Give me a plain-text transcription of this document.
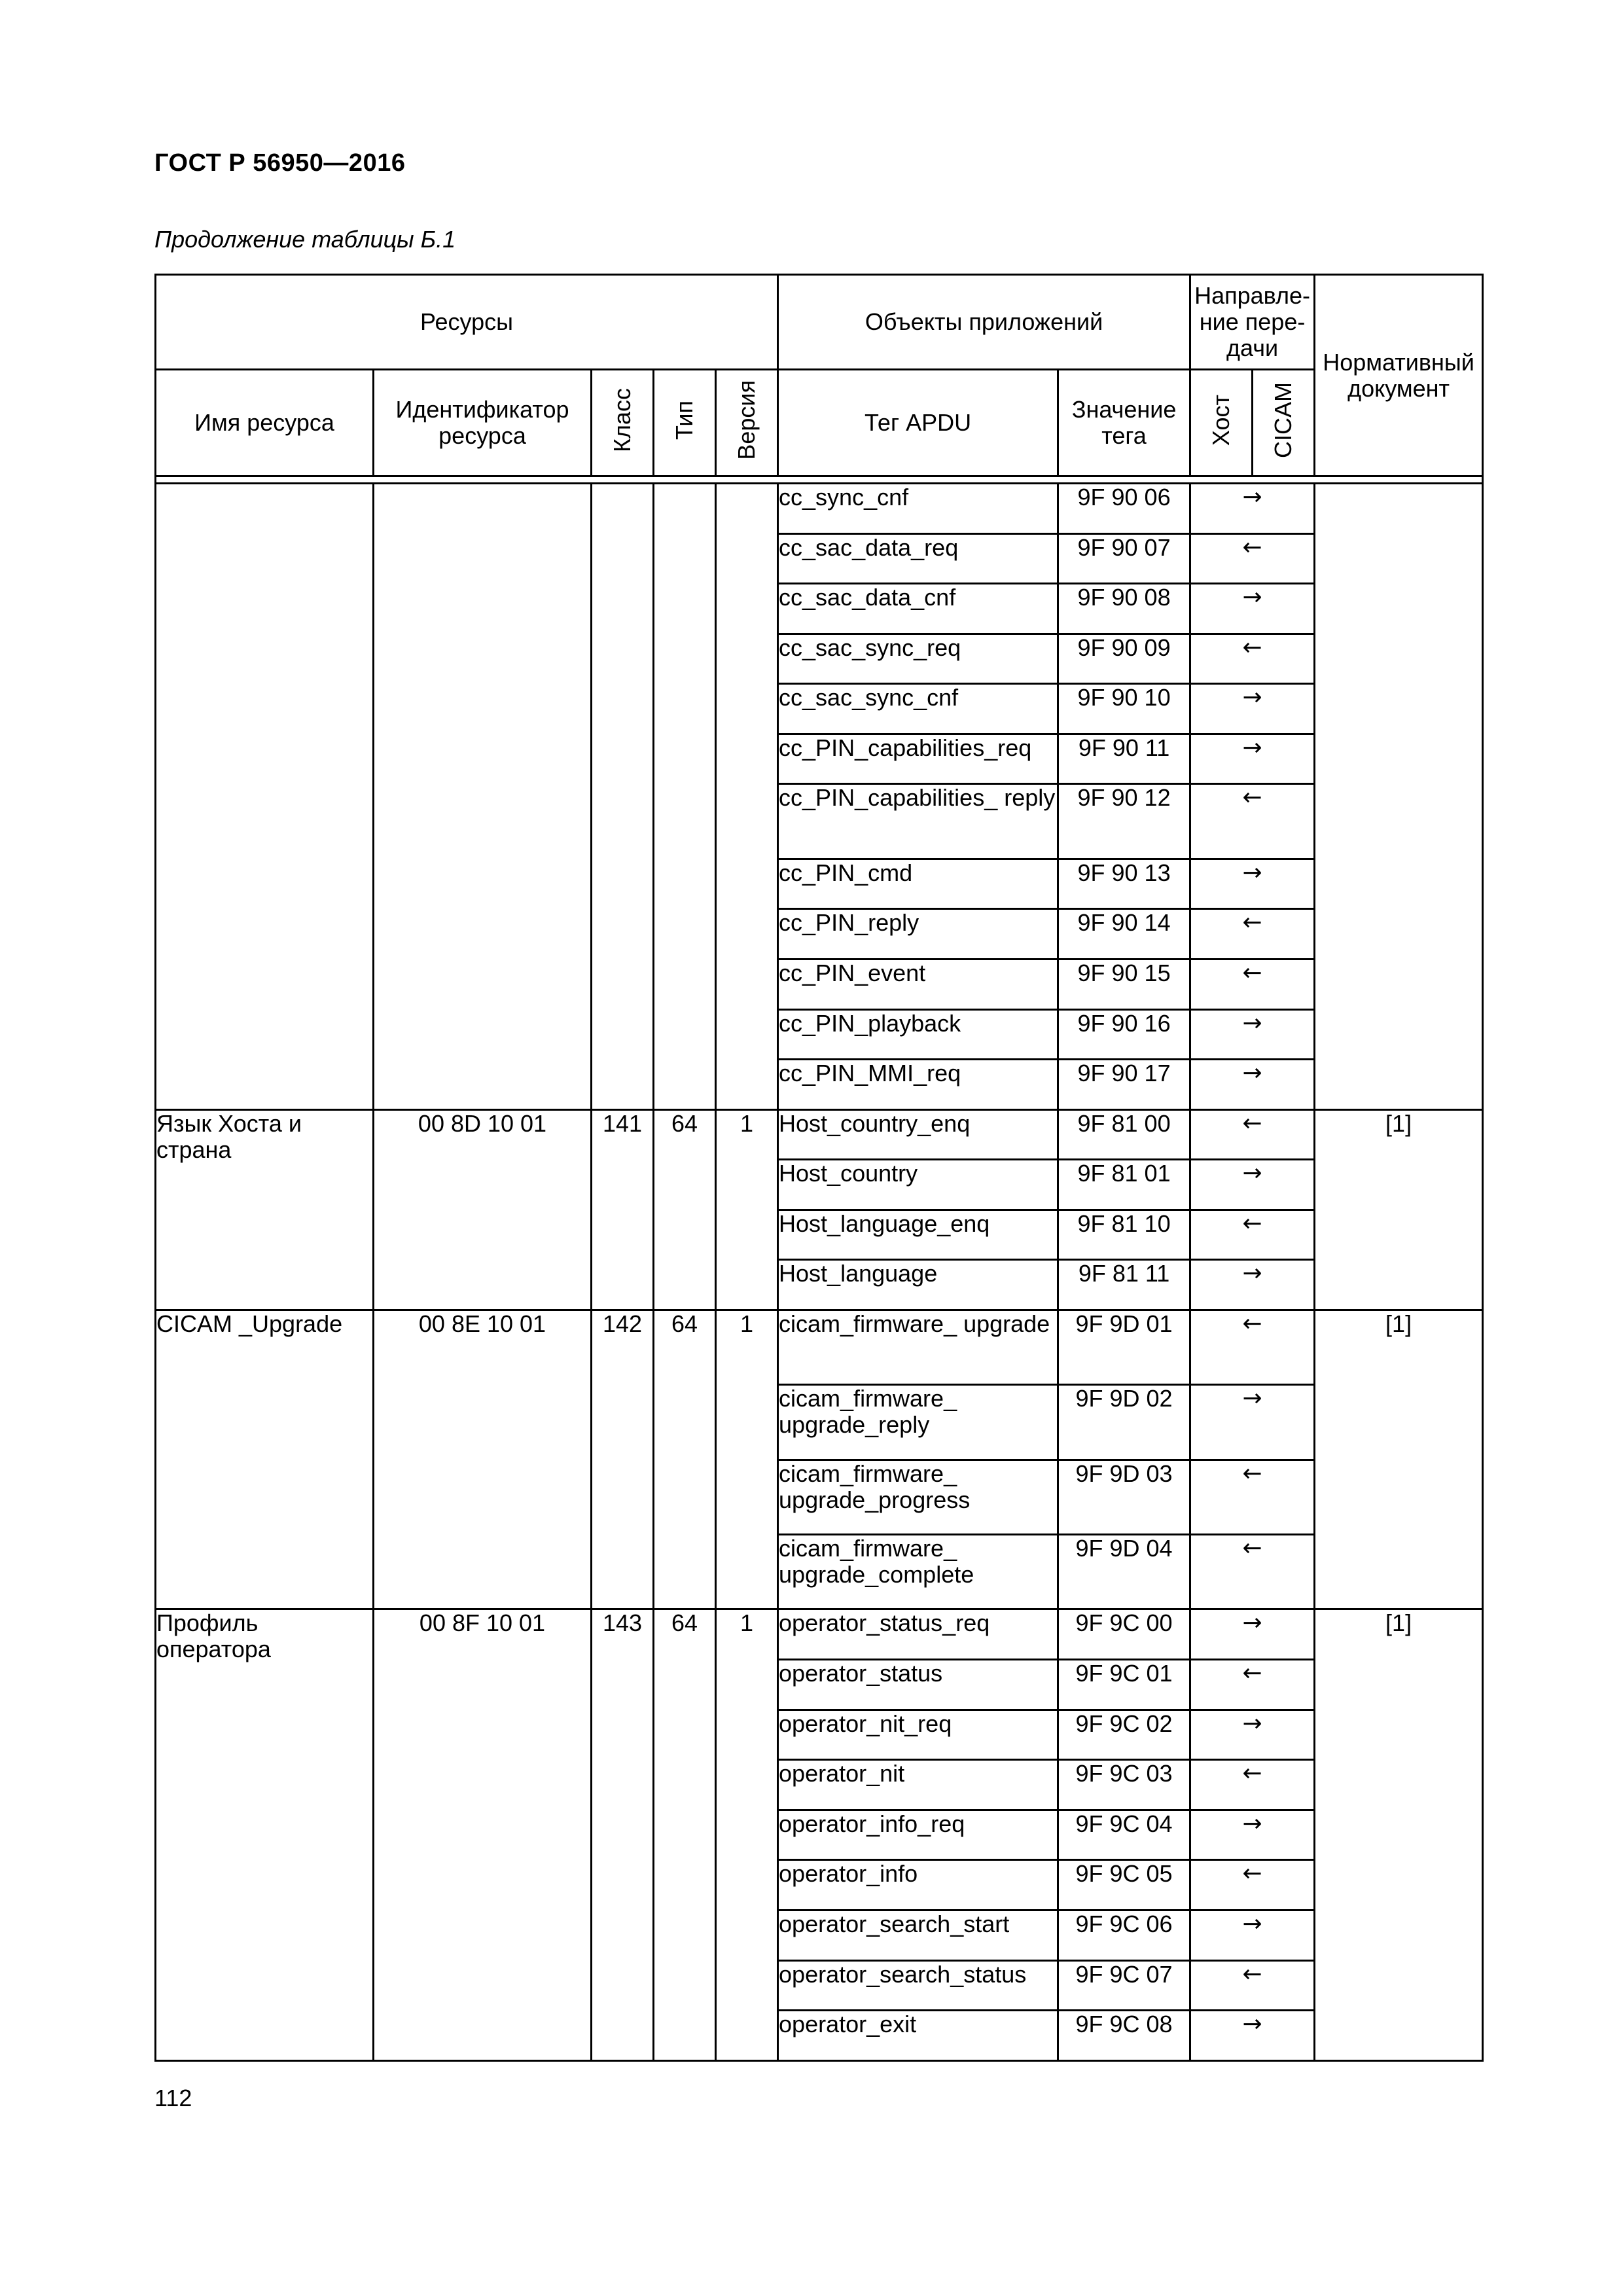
ГОСТ Р 56950—2016
Продолжение таблицы Б.1
Ресурсы					Объекты приложений		Направле-ние пере-дачи		Нормативный документ
Имя ресурса	Идентификатор ресурса	Класс	Тип	Версия	Тег APDU	Значение тега	Хост	CICAM	

					cc_sync_cnf	9F 90 06	→		
					cc_sac_data_req	9F 90 07	←		
					cc_sac_data_cnf	9F 90 08	→		
					cc_sac_sync_req	9F 90 09	←		
					cc_sac_sync_cnf	9F 90 10	→		
					cc_PIN_capabilities_req	9F 90 11	→		
					cc_PIN_capabilities_ reply	9F 90 12	←		
					cc_PIN_cmd	9F 90 13	→		
					cc_PIN_reply	9F 90 14	←		
					cc_PIN_event	9F 90 15	←		
					cc_PIN_playback	9F 90 16	→		
					cc_PIN_MMI_req	9F 90 17	→		
Язык Хоста и страна	00 8D 10 01	141	64	1	Host_country_enq	9F 81 00	←		[1]
					Host_country	9F 81 01	→		
					Host_language_enq	9F 81 10	←		
					Host_language	9F 81 11	→		
CICAM _Upgrade	00 8E 10 01	142	64	1	cicam_firmware_ upgrade	9F 9D 01	←		[1]
					cicam_firmware_ upgrade_reply	9F 9D 02	→		
					cicam_firmware_ upgrade_progress	9F 9D 03	←		
					cicam_firmware_ upgrade_complete	9F 9D 04	←		
Профиль оператора	00 8F 10 01	143	64	1	operator_status_req	9F 9C 00	→		[1]
					operator_status	9F 9C 01	←		
					operator_nit_req	9F 9C 02	→		
					operator_nit	9F 9C 03	←		
					operator_info_req	9F 9C 04	→		
					operator_info	9F 9C 05	←		
					operator_search_start	9F 9C 06	→		
					operator_search_status	9F 9C 07	←		
					operator_exit	9F 9C 08	→		
112
